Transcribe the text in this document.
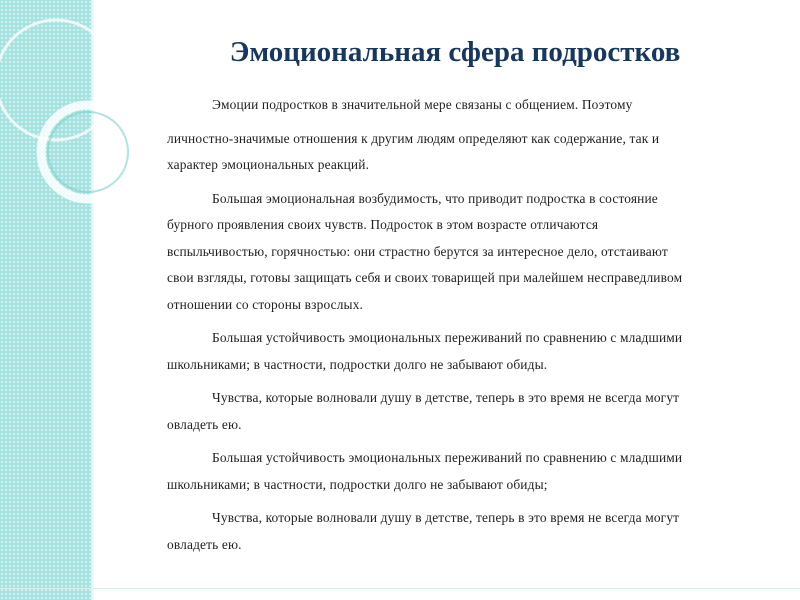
Эмоциональная сфера подростков
Эмоции подростков в значительной мере связаны с общением. Поэтому
личностно-значимые отношения к другим людям определяют как содержание, так и
характер эмоциональных реакций.
Большая эмоциональная возбудимость, что приводит подростка в состояние
бурного проявления своих чувств. Подросток в этом возрасте отличаются
вспыльчивостью, горячностью: они страстно берутся за интересное дело, отстаивают
свои взгляды, готовы защищать себя и своих товарищей при малейшем несправедливом
отношении со стороны взрослых.
Большая устойчивость эмоциональных переживаний по сравнению с младшими
школьниками; в частности, подростки долго не забывают обиды.
Чувства, которые волновали душу в детстве, теперь в это время не всегда могут
овладеть ею.
Большая устойчивость эмоциональных переживаний по сравнению с младшими
школьниками; в частности, подростки долго не забывают обиды;
Чувства, которые волновали душу в детстве, теперь в это время не всегда могут
овладеть ею.
